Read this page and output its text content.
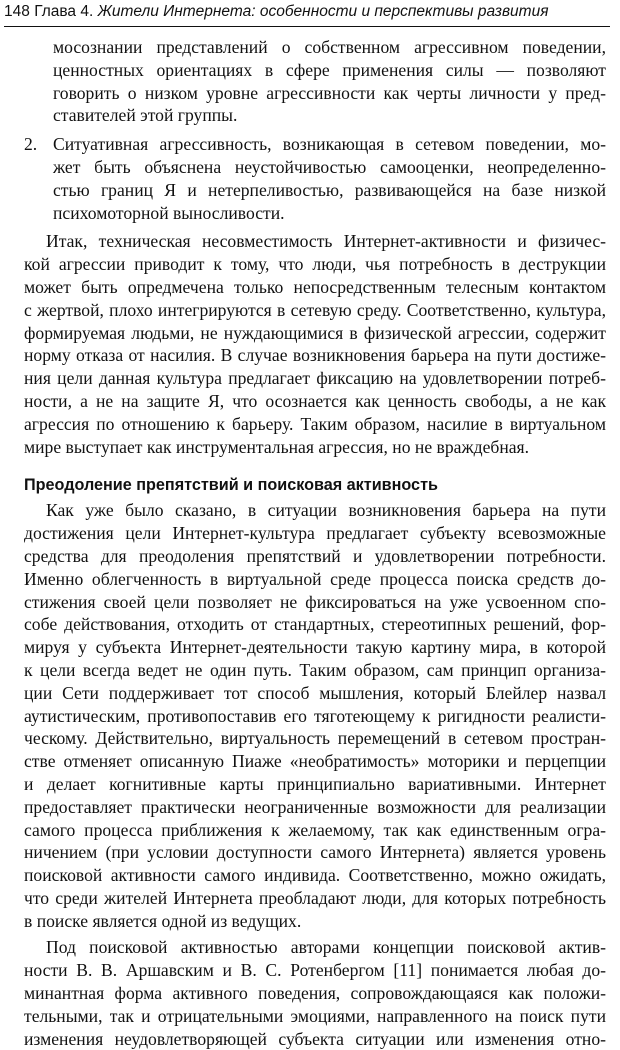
148 Глава 4. Жители Интернета: особенности и перспективы развития
мосознании представлений о собственном агрессивном поведении,
ценностных ориентациях в сфере применения силы — позволяют
говорить о низком уровне агрессивности как черты личности у пред-
ставителей этой группы.
2. Ситуативная агрессивность, возникающая в сетевом поведении, мо-
жет быть объяснена неустойчивостью самооценки, неопределенно-
стью границ Я и нетерпеливостью, развивающейся на базе низкой
психомоторной выносливости.
Итак, техническая несовместимость Интернет-активности и физичес-
кой агрессии приводит к тому, что люди, чья потребность в деструкции
может быть опредмечена только непосредственным телесным контактом
с жертвой, плохо интегрируются в сетевую среду. Соответственно, культура,
формируемая людьми, не нуждающимися в физической агрессии, содержит
норму отказа от насилия. В случае возникновения барьера на пути достиже-
ния цели данная культура предлагает фиксацию на удовлетворении потреб-
ности, а не на защите Я, что осознается как ценность свободы, а не как
агрессия по отношению к барьеру. Таким образом, насилие в виртуальном
мире выступает как инструментальная агрессия, но не враждебная.
Преодоление препятствий и поисковая активность
Как уже было сказано, в ситуации возникновения барьера на пути
достижения цели Интернет-культура предлагает субъекту всевозможные
средства для преодоления препятствий и удовлетворении потребности.
Именно облегченность в виртуальной среде процесса поиска средств до-
стижения своей цели позволяет не фиксироваться на уже усвоенном спо-
собе действования, отходить от стандартных, стереотипных решений, фор-
мируя у субъекта Интернет-деятельности такую картину мира, в которой
к цели всегда ведет не один путь. Таким образом, сам принцип организа-
ции Сети поддерживает тот способ мышления, который Блейлер назвал
аутистическим, противопоставив его тяготеющему к ригидности реалисти-
ческому. Действительно, виртуальность перемещений в сетевом простран-
стве отменяет описанную Пиаже «необратимость» моторики и перцепции
и делает когнитивные карты принципиально вариативными. Интернет
предоставляет практически неограниченные возможности для реализации
самого процесса приближения к желаемому, так как единственным огра-
ничением (при условии доступности самого Интернета) является уровень
поисковой активности самого индивида. Соответственно, можно ожидать,
что среди жителей Интернета преобладают люди, для которых потребность
в поиске является одной из ведущих.
Под поисковой активностью авторами концепции поисковой актив-
ности В. В. Аршавским и В. С. Ротенбергом [11] понимается любая до-
минантная форма активного поведения, сопровождающаяся как положи-
тельными, так и отрицательными эмоциями, направленного на поиск пути
изменения неудовлетворяющей субъекта ситуации или изменения отно-
